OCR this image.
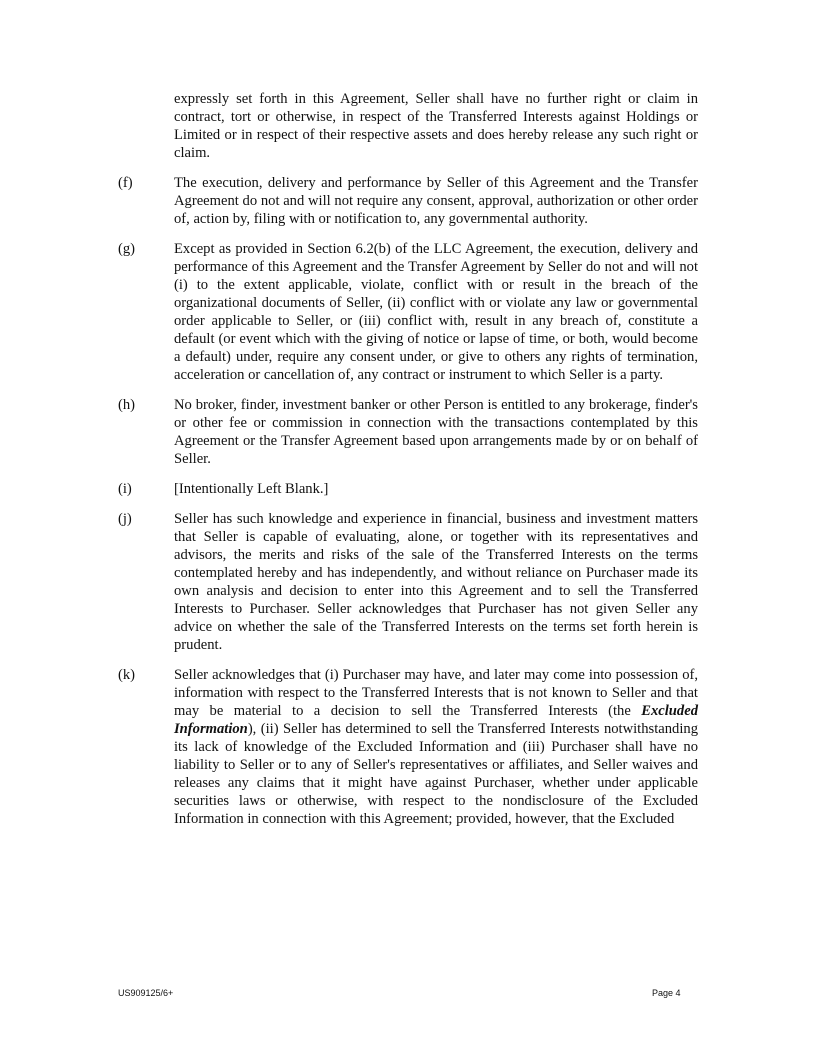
expressly set forth in this Agreement, Seller shall have no further right or claim in contract, tort or otherwise, in respect of the Transferred Interests against Holdings or Limited or in respect of their respective assets and does hereby release any such right or claim.
(f)	The execution, delivery and performance by Seller of this Agreement and the Transfer Agreement do not and will not require any consent, approval, authorization or other order of, action by, filing with or notification to, any governmental authority.
(g)	Except as provided in Section 6.2(b) of the LLC Agreement, the execution, delivery and performance of this Agreement and the Transfer Agreement by Seller do not and will not (i) to the extent applicable, violate, conflict with or result in the breach of the organizational documents of Seller, (ii) conflict with or violate any law or governmental order applicable to Seller, or (iii) conflict with, result in any breach of, constitute a default (or event which with the giving of notice or lapse of time, or both, would become a default) under, require any consent under, or give to others any rights of termination, acceleration or cancellation of, any contract or instrument to which Seller is a party.
(h)	No broker, finder, investment banker or other Person is entitled to any brokerage, finder's or other fee or commission in connection with the transactions contemplated by this Agreement or the Transfer Agreement based upon arrangements made by or on behalf of Seller.
(i)	[Intentionally Left Blank.]
(j)	Seller has such knowledge and experience in financial, business and investment matters that Seller is capable of evaluating, alone, or together with its representatives and advisors, the merits and risks of the sale of the Transferred Interests on the terms contemplated hereby and has independently, and without reliance on Purchaser made its own analysis and decision to enter into this Agreement and to sell the Transferred Interests to Purchaser. Seller acknowledges that Purchaser has not given Seller any advice on whether the sale of the Transferred Interests on the terms set forth herein is prudent.
(k)	Seller acknowledges that (i) Purchaser may have, and later may come into possession of, information with respect to the Transferred Interests that is not known to Seller and that may be material to a decision to sell the Transferred Interests (the Excluded Information), (ii) Seller has determined to sell the Transferred Interests notwithstanding its lack of knowledge of the Excluded Information and (iii) Purchaser shall have no liability to Seller or to any of Seller's representatives or affiliates, and Seller waives and releases any claims that it might have against Purchaser, whether under applicable securities laws or otherwise, with respect to the nondisclosure of the Excluded Information in connection with this Agreement; provided, however, that the Excluded
US909125/6+	Page 4
